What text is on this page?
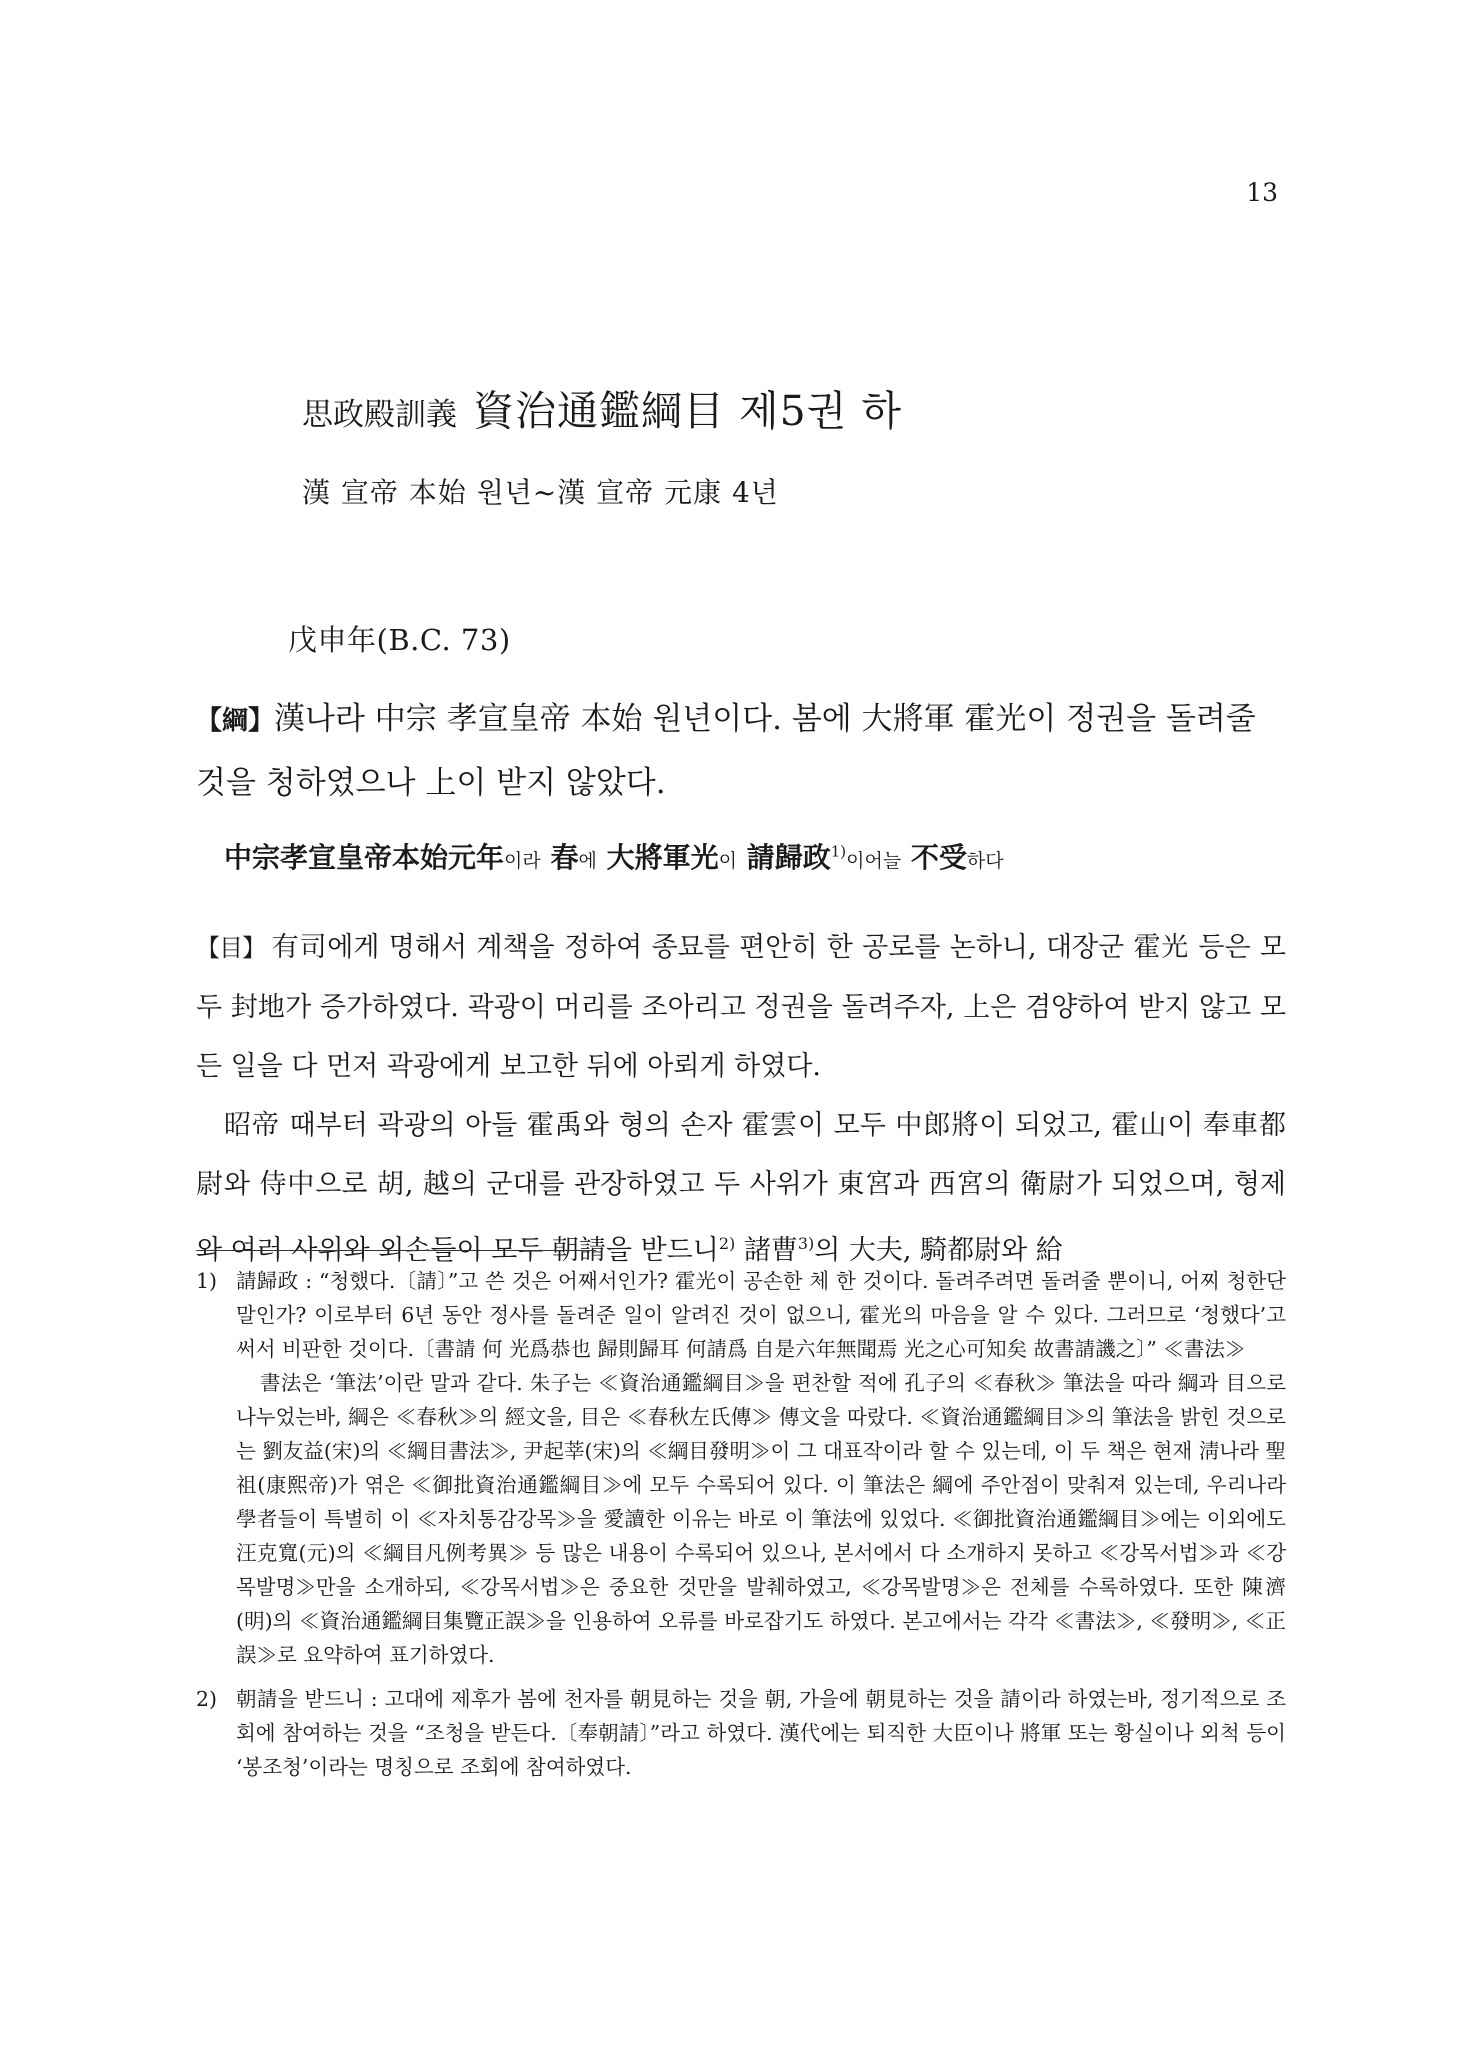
13
思政殿訓義 資治通鑑綱目 제5권 하
漢 宣帝 本始 원년~漢 宣帝 元康 4년
戊申年(B.C. 73)
【綱】漢나라 中宗 孝宣皇帝 本始 원년이다. 봄에 大將軍 霍光이 정권을 돌려줄 것을 청하였으나 上이 받지 않았다.
中宗孝宣皇帝本始元年이라 春에 大將軍光이 請歸政$^{1)}$이어늘 不受하다

【目】 有司에게 명해서 계책을 정하여 종묘를 편안히 한 공로를 논하니, 대장군 霍光 등은 모두 封地가 증가하였다. 곽광이 머리를 조아리고 정권을 돌려주자, 上은 겸양하여 받지 않고 모든 일을 다 먼저 곽광에게 보고한 뒤에 아뢰게 하였다.

昭帝 때부터 곽광의 아들 霍禹와 형의 손자 霍雲이 모두 中郎將이 되었고, 霍山이 奉車都尉와 侍中으로 胡, 越의 군대를 관장하였고 두 사위가 東宮과 西宮의 衛尉가 되었으며, 형제와 여러 사위와 외손들이 모두 朝請을 받드니$^{2)}$ 諸曹$^{3)}$의 大夫, 騎都尉와 給

1) 請歸政 : “청했다.〔請〕”고 쓴 것은 어째서인가? 霍光이 공손한 체 한 것이다. 돌려주려면 돌려줄 뿐이니, 어찌 청한단 말인가? 이로부터 6년 동안 정사를 돌려준 일이 알려진 것이 없으니, 霍光의 마음을 알 수 있다. 그러므로 ‘청했다’고 써서 비판한 것이다.〔書請 何 光爲恭也 歸則歸耳 何請爲 自是六年無聞焉 光之心可知矣 故書請譏之〕” ≪書法≫

書法은 ‘筆法’이란 말과 같다. 朱子는 ≪資治通鑑綱目≫을 편찬할 적에 孔子의 ≪春秋≫ 筆法을 따라 綱과 目으로 나누었는바, 綱은 ≪春秋≫의 經文을, 目은 ≪春秋左氏傳≫ 傳文을 따랐다. ≪資治通鑑綱目≫의 筆法을 밝힌 것으로는 劉友益(宋)의 ≪綱目書法≫, 尹起莘(宋)의 ≪綱目發明≫이 그 대표작이라 할 수 있는데, 이 두 책은 현재 淸나라 聖祖(康熙帝)가 엮은 ≪御批資治通鑑綱目≫에 모두 수록되어 있다. 이 筆法은 綱에 주안점이 맞춰져 있는데, 우리나라 學者들이 특별히 이 ≪자치통감강목≫을 愛讀한 이유는 바로 이 筆法에 있었다. ≪御批資治通鑑綱目≫에는 이외에도 汪克寬(元)의 ≪綱目凡例考異≫ 등 많은 내용이 수록되어 있으나, 본서에서 다 소개하지 못하고 ≪강목서법≫과 ≪강목발명≫만을 소개하되, ≪강목서법≫은 중요한 것만을 발췌하였고, ≪강목발명≫은 전체를 수록하였다. 또한 陳濟(明)의 ≪資治通鑑綱目集覽正誤≫을 인용하여 오류를 바로잡기도 하였다. 본고에서는 각각 ≪書法≫, ≪發明≫, ≪正誤≫로 요약하여 표기하였다.

2) 朝請을 받드니 : 고대에 제후가 봄에 천자를 朝見하는 것을 朝, 가을에 朝見하는 것을 請이라 하였는바, 정기적으로 조회에 참여하는 것을 “조청을 받든다.〔奉朝請〕”라고 하였다. 漢代에는 퇴직한 大臣이나 將軍 또는 황실이나 외척 등이 ‘봉조청’이라는 명칭으로 조회에 참여하였다.
